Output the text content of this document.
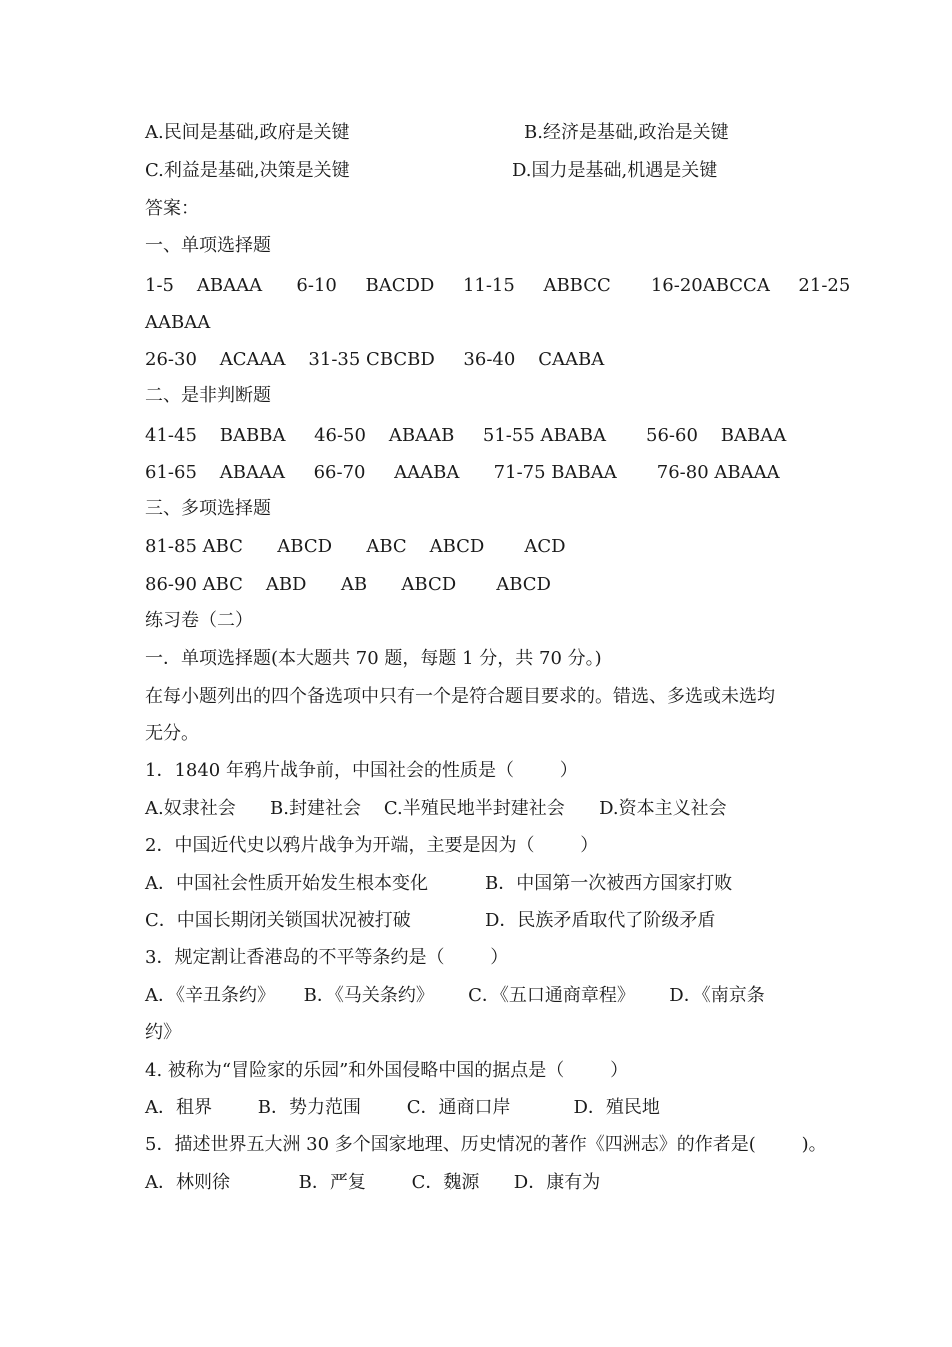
A.民间是基础,政府是关键	B.经济是基础,政治是关键
C.利益是基础,决策是关键	D.国力是基础,机遇是关键
答案：
一、单项选择题
1-5    ABAAA      6-10     BACDD     11-15     ABBCC       16-20ABCCA     21-25
AABAA
26-30    ACAAA    31-35 CBCBD     36-40    CAABA
二、是非判断题
41-45    BABBA     46-50    ABAAB     51-55 ABABA       56-60    BABAA
61-65    ABAAA     66-70     AAABA      71-75 BABAA       76-80 ABAAA
三、多项选择题
81-85 ABC      ABCD      ABC    ABCD       ACD
86-90 ABC    ABD      AB      ABCD       ABCD
练习卷（二）
一．单项选择题(本大题共 70 题，每题 1 分，共 70 分。)
在每小题列出的四个备选项中只有一个是符合题目要求的。错选、多选或未选均
无分。
1．1840 年鸦片战争前，中国社会的性质是（        ）
A.奴隶社会      B.封建社会    C.半殖民地半封建社会      D.资本主义社会
2．中国近代史以鸦片战争为开端，主要是因为（        ）
A．中国社会性质开始发生根本变化	B．中国第一次被西方国家打败
C．中国长期闭关锁国状况被打破	D．民族矛盾取代了阶级矛盾
3．规定割让香港岛的不平等条约是（        ）
A．《辛丑条约》     B．《马关条约》      C．《五口通商章程》      D．《南京条
约》
4. 被称为“冒险家的乐园”和外国侵略中国的据点是（        ）
A．租界        B．势力范围        C．通商口岸           D．殖民地
5．描述世界五大洲 30 多个国家地理、历史情况的著作《四洲志》的作者是(        )。
A．林则徐            B．严复        C．魏源      D．康有为
